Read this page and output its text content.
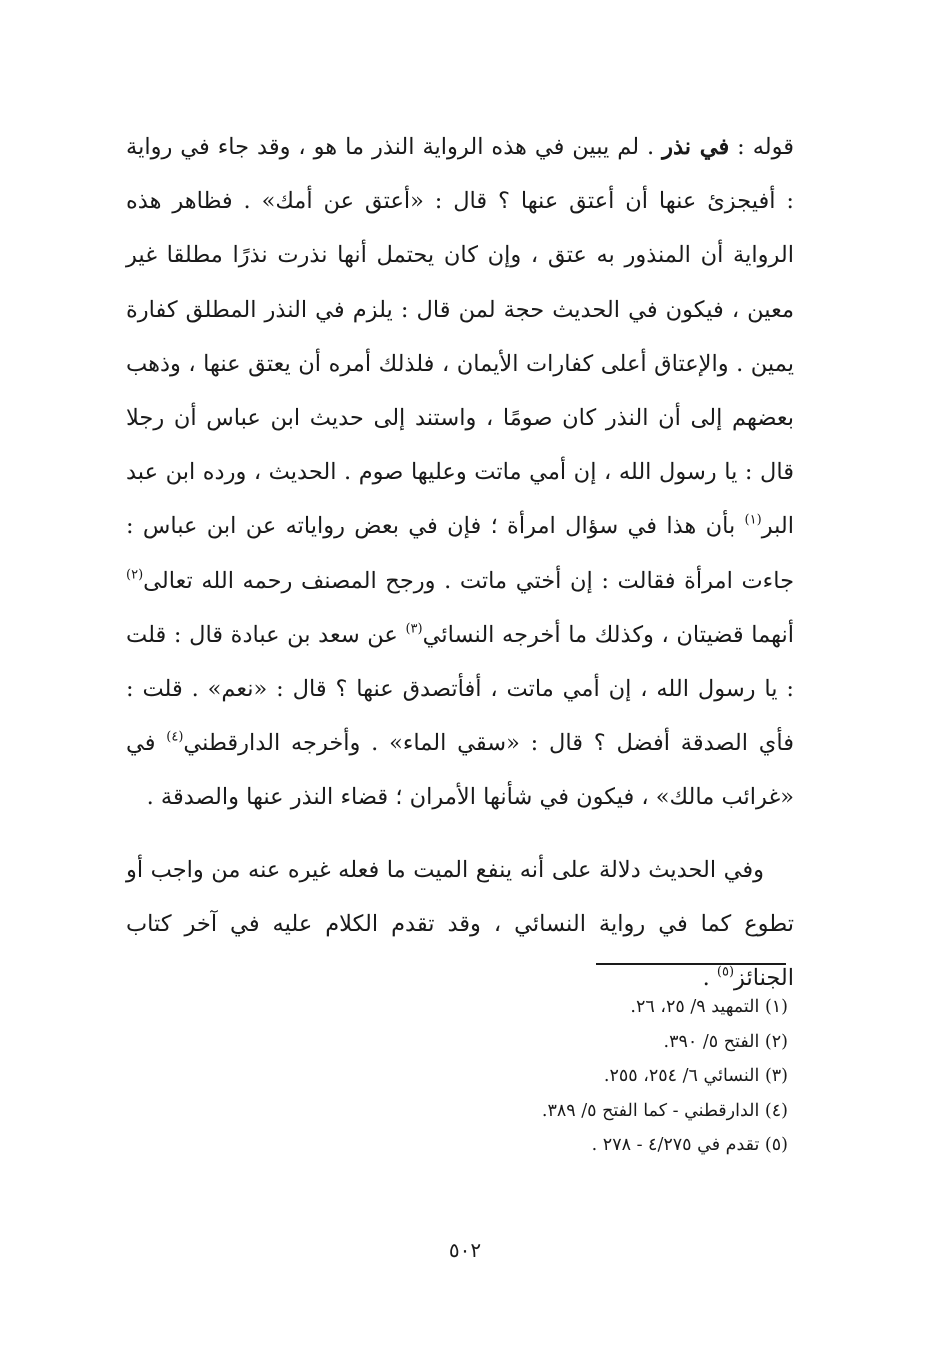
قوله : في نذر . لم يبين في هذه الرواية النذر ما هو ، وقد جاء في رواية : أفيجزئ عنها أن أعتق عنها ؟ قال : «أعتق عن أمك» . فظاهر هذه الرواية أن المنذور به عتق ، وإن كان يحتمل أنها نذرت نذرًا مطلقا غير معين ، فيكون في الحديث حجة لمن قال : يلزم في النذر المطلق كفارة يمين . والإعتاق أعلى كفارات الأيمان ، فلذلك أمره أن يعتق عنها ، وذهب بعضهم إلى أن النذر كان صومًا ، واستند إلى حديث ابن عباس أن رجلا قال : يا رسول الله ، إن أمي ماتت وعليها صوم . الحديث ، ورده ابن عبد البر$^{(١)}$ بأن هذا في سؤال امرأة ؛ فإن في بعض رواياته عن ابن عباس : جاءت امرأة فقالت : إن أختي ماتت . ورجح المصنف رحمه الله تعالى$^{(٢)}$ أنهما قضيتان ، وكذلك ما أخرجه النسائي$^{(٣)}$ عن سعد بن عبادة قال : قلت : يا رسول الله ، إن أمي ماتت ، أفأتصدق عنها ؟ قال : «نعم» . قلت : فأي الصدقة أفضل ؟ قال : «سقي الماء» . وأخرجه الدارقطني$^{(٤)}$ في «غرائب مالك» ، فيكون في شأنها الأمران ؛ قضاء النذر عنها والصدقة .

وفي الحديث دلالة على أنه ينفع الميت ما فعله غيره عنه من واجب أو تطوع كما في رواية النسائي ، وقد تقدم الكلام عليه في آخر كتاب الجنائز$^{(٥)}$ .

(١) التمهيد ٩/ ٢٥، ٢٦.

(٢) الفتح ٥/ ٣٩٠.

(٣) النسائي ٦/ ٢٥٤، ٢٥٥.

(٤) الدارقطني - كما الفتح ٥/ ٣٨٩.

(٥) تقدم في ٤/٢٧٥ - ٢٧٨ .

٥٠٢
